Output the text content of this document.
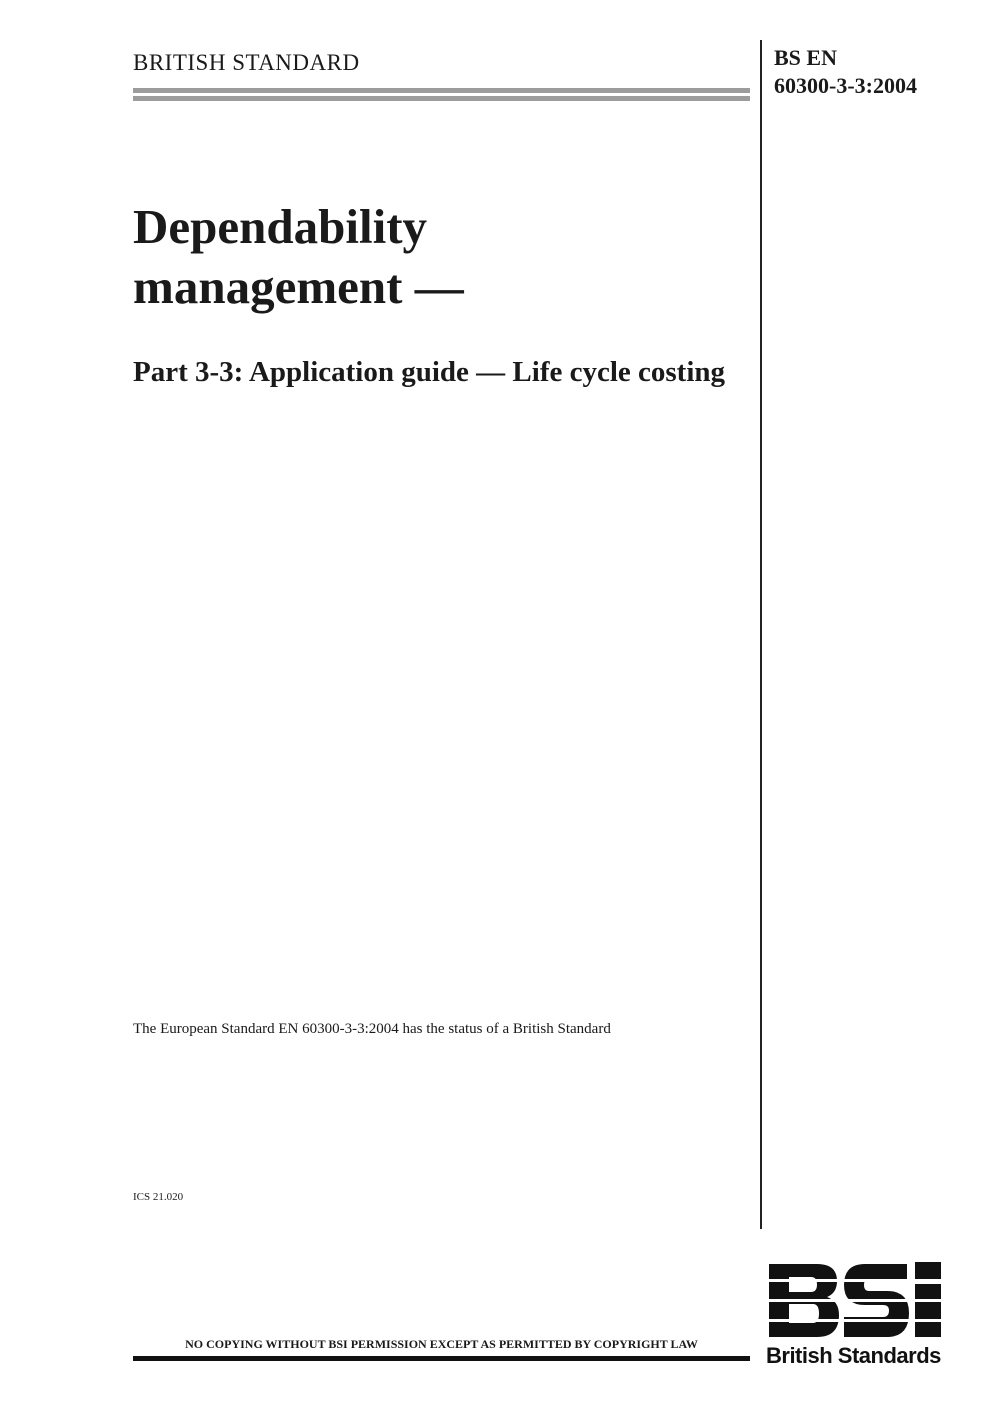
BRITISH STANDARD	BS EN
60300-3-3:2004
Dependability
management —
Part 3-3: Application guide — Life cycle costing
The European Standard EN 60300-3-3:2004 has the status of a British Standard
ICS 21.020
NO COPYING WITHOUT BSI PERMISSION EXCEPT AS PERMITTED BY COPYRIGHT LAW	British Standards
